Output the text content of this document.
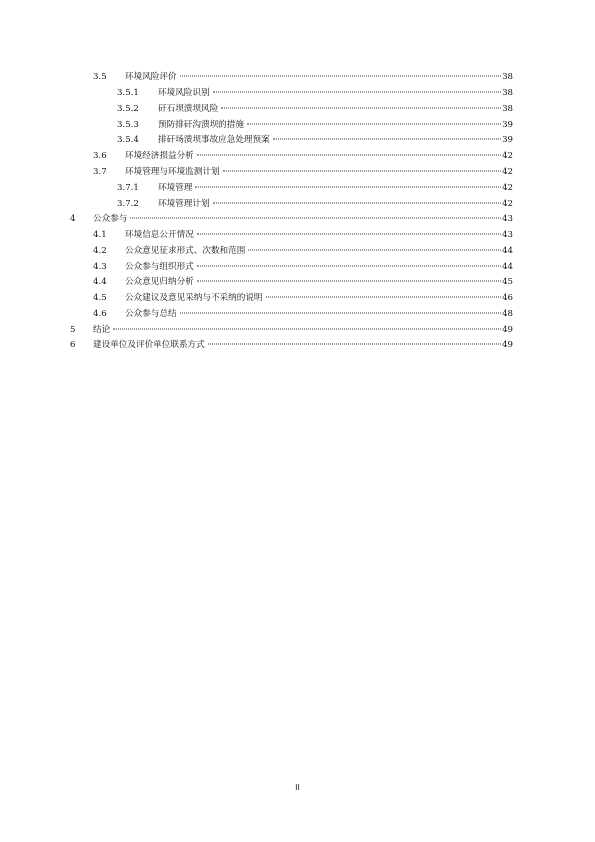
3.5 环境风险评价	38
3.5.1 环境风险识别	38
3.5.2 矸石坝溃坝风险	38
3.5.3 预防排矸沟溃坝的措施	39
3.5.4 排矸场溃坝事故应急处理预案	39
3.6 环境经济损益分析	42
3.7 环境管理与环境监测计划	42
3.7.1 环境管理	42
3.7.2 环境管理计划	42
4 公众参与	43
4.1 环境信息公开情况	43
4.2 公众意见征求形式、次数和范围	44
4.3 公众参与组织形式	44
4.4 公众意见归纳分析	45
4.5 公众建议及意见采纳与不采纳的说明	46
4.6 公众参与总结	48
5 结论	49
6 建设单位及评价单位联系方式	49
II
